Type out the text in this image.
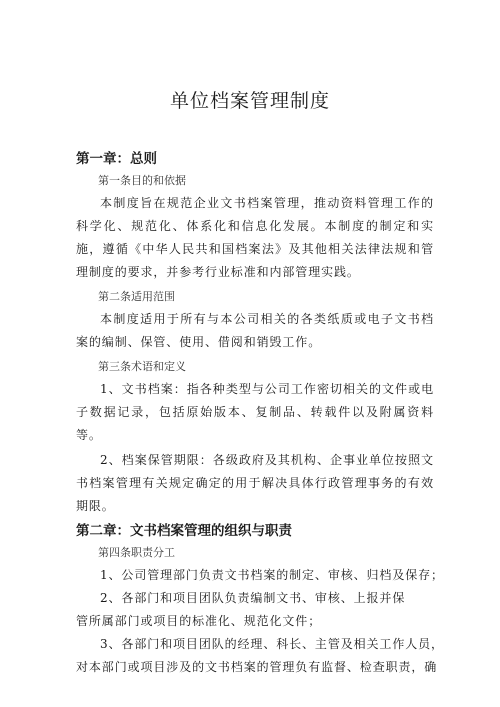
单位档案管理制度
第一章：总则
第一条目的和依据

本制度旨在规范企业文书档案管理，推动资料管理工作的科学化、规范化、体系化和信息化发展。本制度的制定和实施，遵循《中华人民共和国档案法》及其他相关法律法规和管理制度的要求，并参考行业标准和内部管理实践。

第二条适用范围

本制度适用于所有与本公司相关的各类纸质或电子文书档案的编制、保管、使用、借阅和销毁工作。

第三条术语和定义

1、文书档案：指各种类型与公司工作密切相关的文件或电子数据记录，包括原始版本、复制品、转载件以及附属资料等。

2、档案保管期限：各级政府及其机构、企事业单位按照文书档案管理有关规定确定的用于解决具体行政管理事务的有效期限。

第二章：文书档案管理的组织与职责
第四条职责分工

1、公司管理部门负责文书档案的制定、审核、归档及保存；

2、各部门和项目团队负责编制文书、审核、上报并保

管所属部门或项目的标准化、规范化文件；

3、各部门和项目团队的经理、科长、主管及相关工作人员，

对本部门或项目涉及的文书档案的管理负有监督、检查职责，确
